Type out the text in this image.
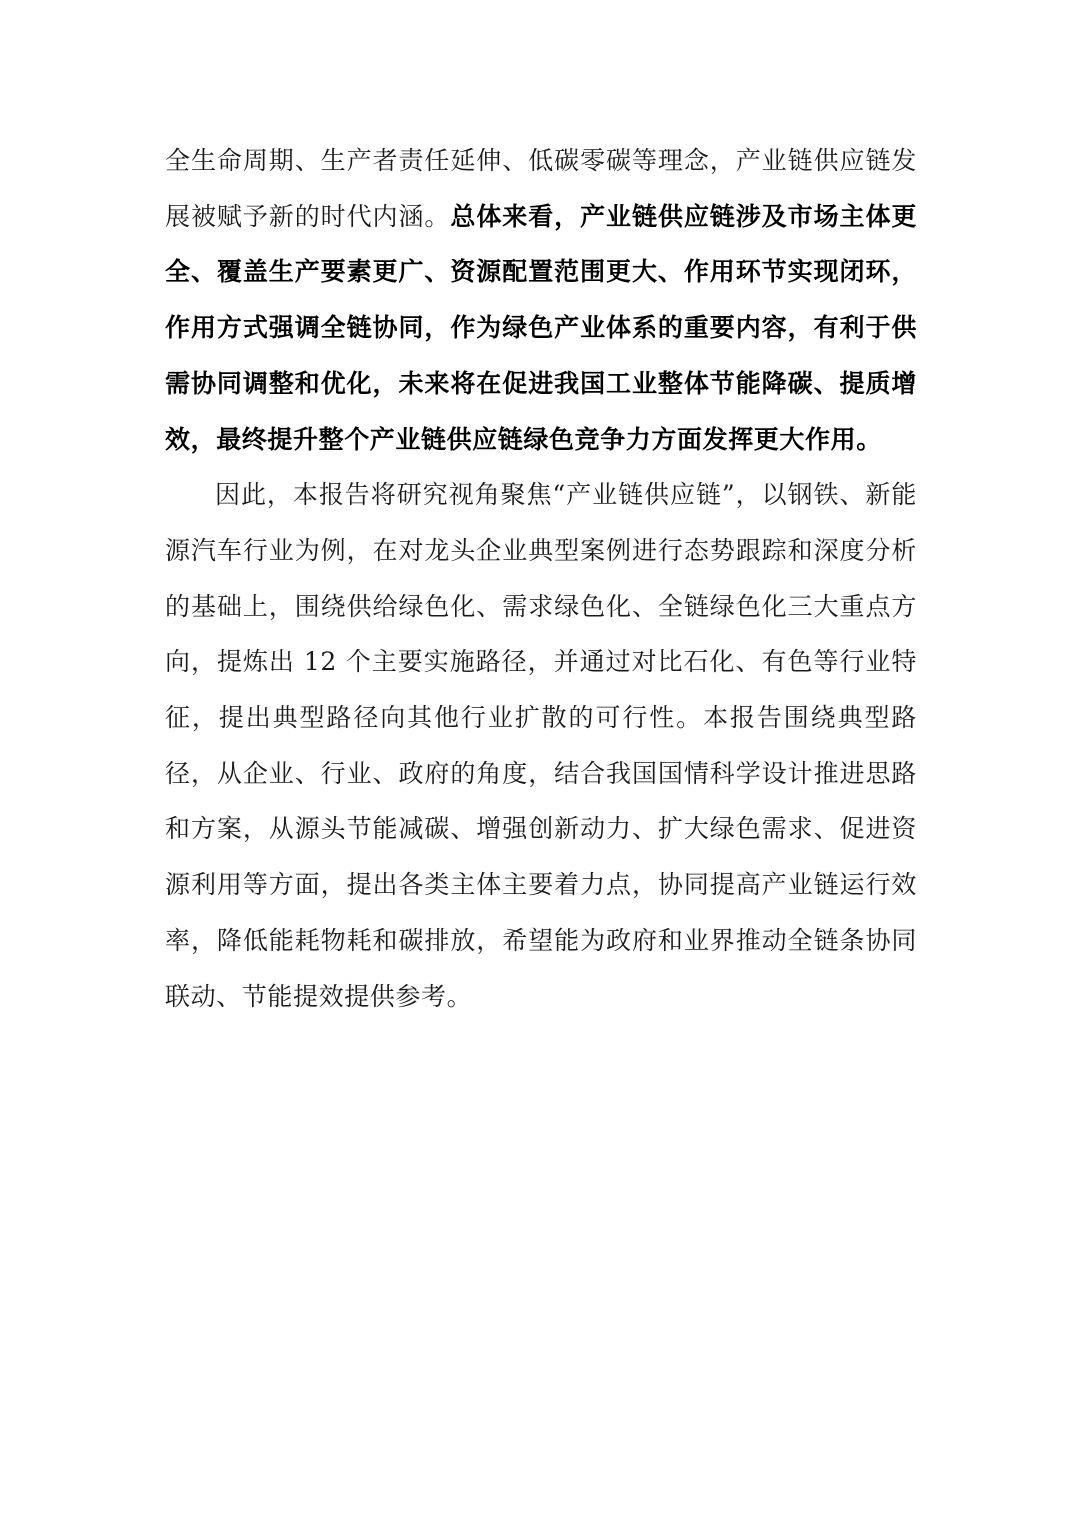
全生命周期、生产者责任延伸、低碳零碳等理念，产业链供应链发展被赋予新的时代内涵。总体来看，产业链供应链涉及市场主体更全、覆盖生产要素更广、资源配置范围更大、作用环节实现闭环，作用方式强调全链协同，作为绿色产业体系的重要内容，有利于供需协同调整和优化，未来将在促进我国工业整体节能降碳、提质增效，最终提升整个产业链供应链绿色竞争力方面发挥更大作用。

因此，本报告将研究视角聚焦“产业链供应链”，以钢铁、新能源汽车行业为例，在对龙头企业典型案例进行态势跟踪和深度分析的基础上，围绕供给绿色化、需求绿色化、全链绿色化三大重点方向，提炼出 12 个主要实施路径，并通过对比石化、有色等行业特征，提出典型路径向其他行业扩散的可行性。本报告围绕典型路径，从企业、行业、政府的角度，结合我国国情科学设计推进思路和方案，从源头节能减碳、增强创新动力、扩大绿色需求、促进资源利用等方面，提出各类主体主要着力点，协同提高产业链运行效率，降低能耗物耗和碳排放，希望能为政府和业界推动全链条协同联动、节能提效提供参考。
